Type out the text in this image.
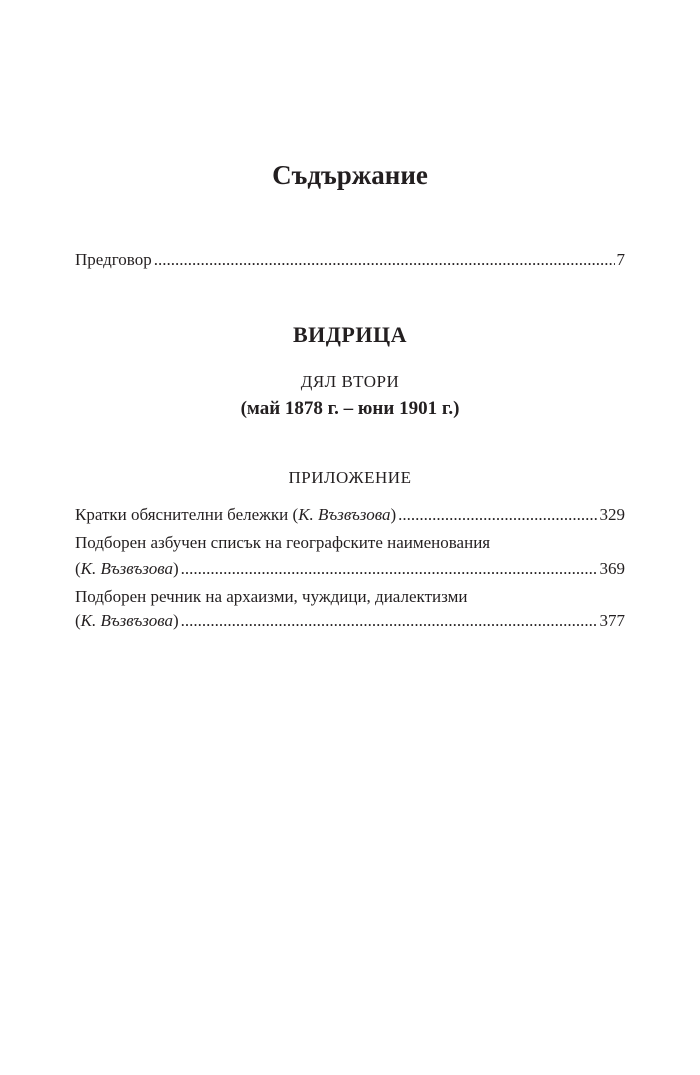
Съдържание
Предговор .....	7
ВИДРИЦА
ДЯЛ ВТОРИ
(май 1878 г. – юни 1901 г.)
ПРИЛОЖЕНИЕ
Кратки обяснителни бележки (К. Възвъзова) .....	329
Подборен азбучен списък на географските наименования
(К. Възвъзова) .....	369
Подборен речник на архаизми, чуждици, диалектизми
(К. Възвъзова) .....	377
